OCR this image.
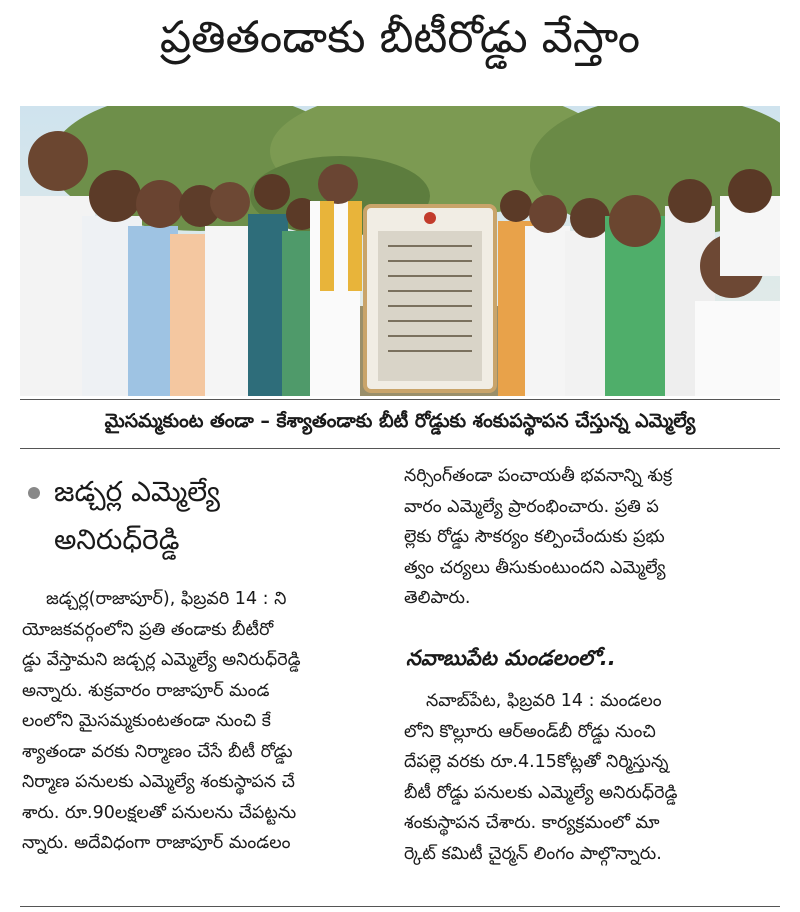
ప్రతితండాకు బీటీరోడ్డు వేస్తాం
మైసమ్మకుంట తండా – కేశ్యాతండాకు బీటీ రోడ్డుకు శంకుపస్థాపన చేస్తున్న ఎమ్మెల్యే
జడ్చర్ల ఎమ్మెల్యే
అనిరుధ్‌రెడ్డి

జడ్చర్ల(రాజాపూర్), ఫిబ్రవరి 14 : ని

యోజకవర్గంలోని ప్రతి తండాకు బీటీరో

డ్డు వేస్తామని జడ్చర్ల ఎమ్మెల్యే అనిరుధ్‌రెడ్డి

అన్నారు. శుక్రవారం రాజాపూర్ మండ

లంలోని మైసమ్మకుంటతండా నుంచి కే

శ్యాతండా వరకు నిర్మాణం చేసే బీటీ రోడ్డు

నిర్మాణ పనులకు ఎమ్మెల్యే శంకుస్థాపన చే

శారు. రూ.90లక్షలతో పనులను చేపట్టను

న్నారు. అదేవిధంగా రాజాపూర్ మండలం

నర్సింగ్‌తండా పంచాయతీ భవనాన్ని శుక్ర

వారం ఎమ్మెల్యే ప్రారంభించారు. ప్రతి ప

ల్లెకు రోడ్డు సౌకర్యం కల్పించేందుకు ప్రభు

త్వం చర్యలు తీసుకుంటుందని ఎమ్మెల్యే

తెలిపారు.

నవాబుపేట మండలంలో..

నవాబ్‌పేట, ఫిబ్రవరి 14 : మండలం

లోని కొల్లూరు ఆర్అండ్‌బీ రోడ్డు నుంచి

దేపల్లె వరకు రూ.4.15కోట్లతో నిర్మిస్తున్న

బీటీ రోడ్డు పనులకు ఎమ్మెల్యే అనిరుధ్‌రెడ్డి

శంకుస్థాపన చేశారు. కార్యక్రమంలో మా

ర్కెట్ కమిటీ చైర్మన్ లింగం పాల్గొన్నారు.
